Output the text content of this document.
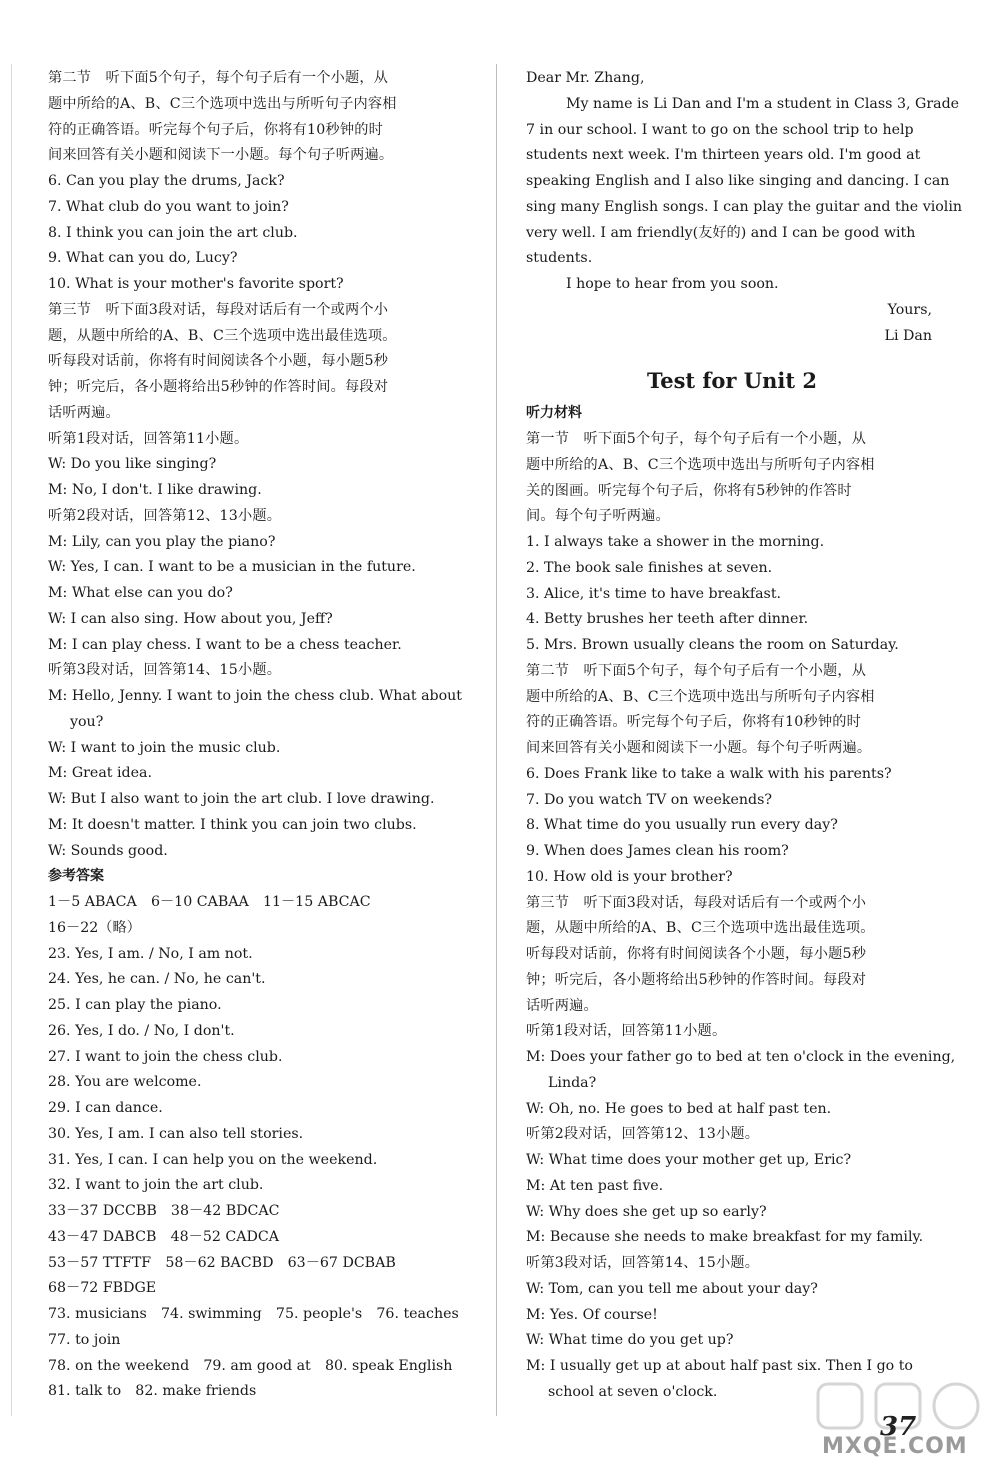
第二节　听下面5个句子，每个句子后有一个小题，从
题中所给的A、B、C三个选项中选出与所听句子内容相
符的正确答语。听完每个句子后，你将有10秒钟的时
间来回答有关小题和阅读下一小题。每个句子听两遍。
6. Can you play the drums, Jack?
7. What club do you want to join?
8. I think you can join the art club.
9. What can you do, Lucy?
10. What is your mother's favorite sport?
第三节　听下面3段对话，每段对话后有一个或两个小
题，从题中所给的A、B、C三个选项中选出最佳选项。
听每段对话前，你将有时间阅读各个小题，每小题5秒
钟；听完后，各小题将给出5秒钟的作答时间。每段对
话听两遍。
听第1段对话，回答第11小题。
W: Do you like singing?
M: No, I don't. I like drawing.
听第2段对话，回答第12、13小题。
M: Lily, can you play the piano?
W: Yes, I can. I want to be a musician in the future.
M: What else can you do?
W: I can also sing. How about you, Jeff?
M: I can play chess. I want to be a chess teacher.
听第3段对话，回答第14、15小题。
M: Hello, Jenny. I want to join the chess club. What about
you?
W: I want to join the music club.
M: Great idea.
W: But I also want to join the art club. I love drawing.
M: It doesn't matter. I think you can join two clubs.
W: Sounds good.
参考答案
1－5 ABACA　6－10 CABAA　11－15 ABCAC
16－22（略）
23. Yes, I am. / No, I am not.
24. Yes, he can. / No, he can't.
25. I can play the piano.
26. Yes, I do. / No, I don't.
27. I want to join the chess club.
28. You are welcome.
29. I can dance.
30. Yes, I am. I can also tell stories.
31. Yes, I can. I can help you on the weekend.
32. I want to join the art club.
33－37 DCCBB　38－42 BDCAC
43－47 DABCB　48－52 CADCA
53－57 TTFTF　58－62 BACBD　63－67 DCBAB
68－72 FBDGE
73. musicians　74. swimming　75. people's　76. teaches
77. to join
78. on the weekend　79. am good at　80. speak English
81. talk to　82. make friends
Dear Mr. Zhang,
My name is Li Dan and I'm a student in Class 3, Grade
7 in our school. I want to go on the school trip to help
students next week. I'm thirteen years old. I'm good at
speaking English and I also like singing and dancing. I can
sing many English songs. I can play the guitar and the violin
very well. I am friendly(友好的) and I can be good with
students.
I hope to hear from you soon.
Yours,
Li Dan
Test for Unit 2
听力材料
第一节　听下面5个句子，每个句子后有一个小题，从
题中所给的A、B、C三个选项中选出与所听句子内容相
关的图画。听完每个句子后，你将有5秒钟的作答时
间。每个句子听两遍。
1. I always take a shower in the morning.
2. The book sale finishes at seven.
3. Alice, it's time to have breakfast.
4. Betty brushes her teeth after dinner.
5. Mrs. Brown usually cleans the room on Saturday.
第二节　听下面5个句子，每个句子后有一个小题，从
题中所给的A、B、C三个选项中选出与所听句子内容相
符的正确答语。听完每个句子后，你将有10秒钟的时
间来回答有关小题和阅读下一小题。每个句子听两遍。
6. Does Frank like to take a walk with his parents?
7. Do you watch TV on weekends?
8. What time do you usually run every day?
9. When does James clean his room?
10. How old is your brother?
第三节　听下面3段对话，每段对话后有一个或两个小
题，从题中所给的A、B、C三个选项中选出最佳选项。
听每段对话前，你将有时间阅读各个小题，每小题5秒
钟；听完后，各小题将给出5秒钟的作答时间。每段对
话听两遍。
听第1段对话，回答第11小题。
M: Does your father go to bed at ten o'clock in the evening,
Linda?
W: Oh, no. He goes to bed at half past ten.
听第2段对话，回答第12、13小题。
W: What time does your mother get up, Eric?
M: At ten past five.
W: Why does she get up so early?
M: Because she needs to make breakfast for my family.
听第3段对话，回答第14、15小题。
W: Tom, can you tell me about your day?
M: Yes. Of course!
W: What time do you get up?
M: I usually get up at about half past six. Then I go to
school at seven o'clock.
MXQE.COM
37
